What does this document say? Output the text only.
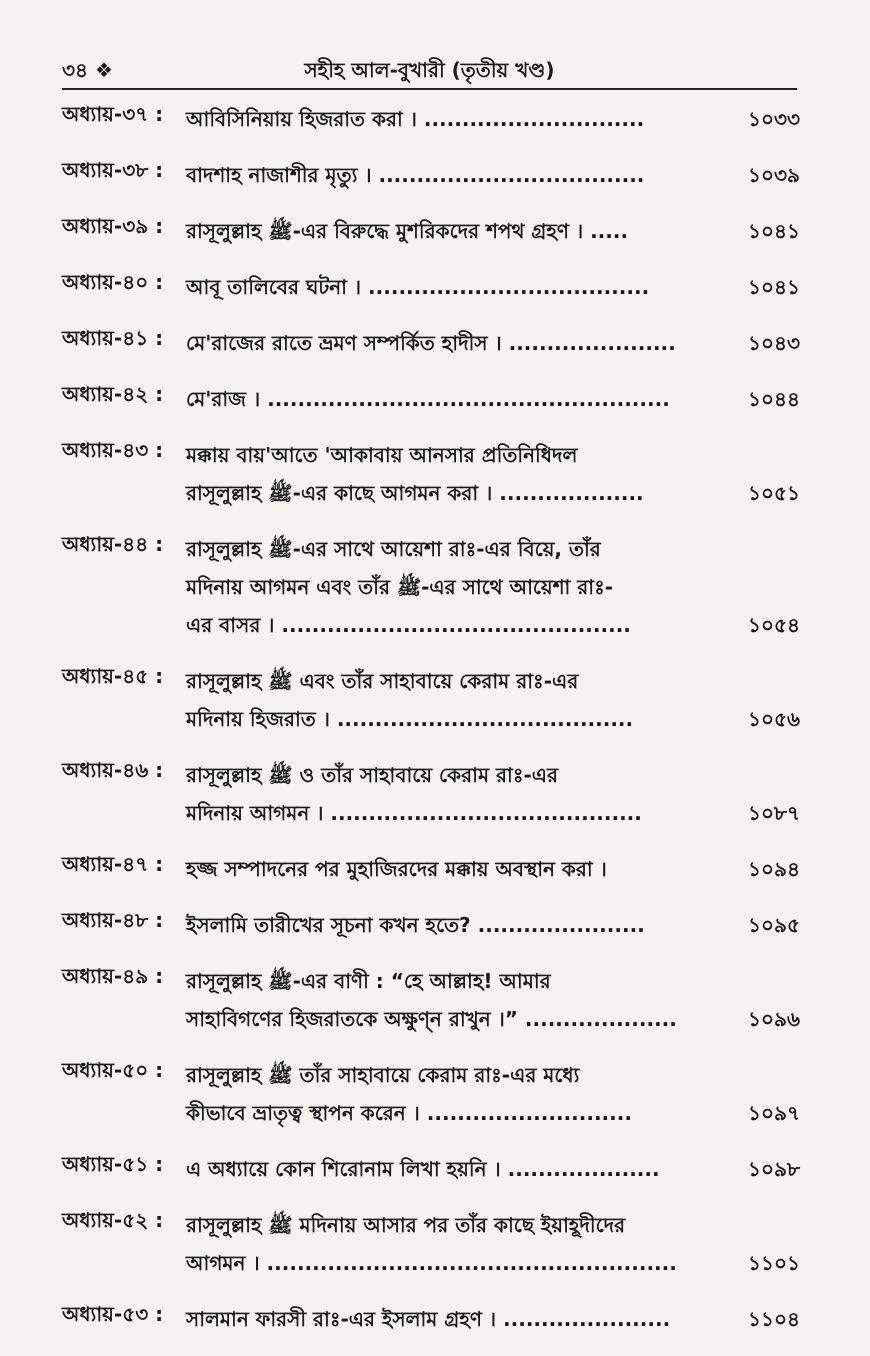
৩৪ ❖	সহীহ আল-বুখারী (তৃতীয় খণ্ড)
অধ্যায়-৩৭ :	আবিসিনিয়ায় হিজরাত করা । .............................	১০৩৩
অধ্যায়-৩৮ :	বাদশাহ নাজাশীর মৃত্যু । ...................................	১০৩৯
অধ্যায়-৩৯ :	রাসূলুল্লাহ ﷺ-এর বিরুদ্ধে মুশরিকদের শপথ গ্রহণ । .....	১০৪১
অধ্যায়-৪০ :	আবূ তালিবের ঘটনা । .....................................	১০৪১
অধ্যায়-৪১ :	মে'রাজের রাতে ভ্রমণ সম্পর্কিত হাদীস । ......................	১০৪৩
অধ্যায়-৪২ :	মে'রাজ । .....................................................	১০৪৪
অধ্যায়-৪৩ :	মক্কায় বায়'আতে 'আকাবায় আনসার প্রতিনিধিদল
রাসূলুল্লাহ ﷺ-এর কাছে আগমন করা । ...................	১০৫১
অধ্যায়-৪৪ :	রাসূলুল্লাহ ﷺ-এর সাথে আয়েশা রাঃ-এর বিয়ে, তাঁর
মদিনায় আগমন এবং তাঁর ﷺ-এর সাথে আয়েশা রাঃ-
এর বাসর । ..............................................	১০৫৪
অধ্যায়-৪৫ :	রাসূলুল্লাহ ﷺ এবং তাঁর সাহাবায়ে কেরাম রাঃ-এর
মদিনায় হিজরাত । .......................................	১০৫৬
অধ্যায়-৪৬ :	রাসূলুল্লাহ ﷺ ও তাঁর সাহাবায়ে কেরাম রাঃ-এর
মদিনায় আগমন । .........................................	১০৮৭
অধ্যায়-৪৭ :	হজ্জ সম্পাদনের পর মুহাজিরদের মক্কায় অবস্থান করা ।	১০৯৪
অধ্যায়-৪৮ :	ইসলামি তারীখের সূচনা কখন হতে? ......................	১০৯৫
অধ্যায়-৪৯ :	রাসূলুল্লাহ ﷺ-এর বাণী : “হে আল্লাহ! আমার
সাহাবিগণের হিজরাতকে অক্ষুণ্ন রাখুন ।” ....................	১০৯৬
অধ্যায়-৫০ :	রাসূলুল্লাহ ﷺ তাঁর সাহাবায়ে কেরাম রাঃ-এর মধ্যে
কীভাবে ভ্রাতৃত্ব স্থাপন করেন । ...........................	১০৯৭
অধ্যায়-৫১ :	এ অধ্যায়ে কোন শিরোনাম লিখা হয়নি । ....................	১০৯৮
অধ্যায়-৫২ :	রাসূলুল্লাহ ﷺ মদিনায় আসার পর তাঁর কাছে ইয়াহূদীদের
আগমন । ......................................................	১১০১
অধ্যায়-৫৩ :	সালমান ফারসী রাঃ-এর ইসলাম গ্রহণ । ......................	১১০৪
